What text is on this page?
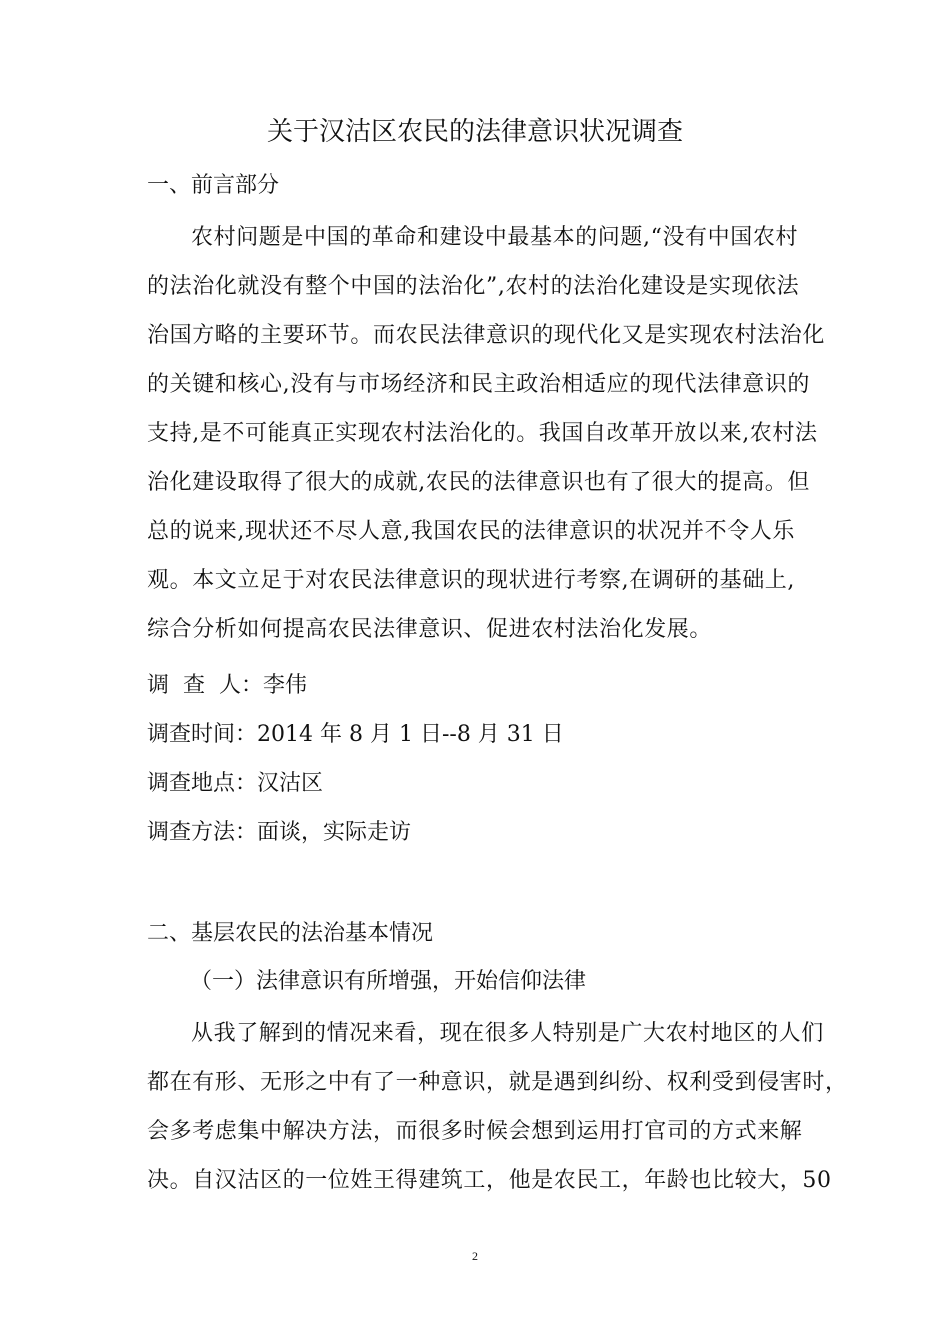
关于汉沽区农民的法律意识状况调查
一、前言部分
农村问题是中国的革命和建设中最基本的问题,“没有中国农村
的法治化就没有整个中国的法治化”,农村的法治化建设是实现依法
治国方略的主要环节。而农民法律意识的现代化又是实现农村法治化
的关键和核心,没有与市场经济和民主政治相适应的现代法律意识的
支持,是不可能真正实现农村法治化的。我国自改革开放以来,农村法
治化建设取得了很大的成就,农民的法律意识也有了很大的提高。但
总的说来,现状还不尽人意,我国农民的法律意识的状况并不令人乐
观。本文立足于对农民法律意识的现状进行考察,在调研的基础上,
综合分析如何提高农民法律意识、促进农村法治化发展。
调  查  人：李伟
调查时间：2014 年 8 月 1 日--8 月 31 日
调查地点：汉沽区
调查方法：面谈，实际走访
二、基层农民的法治基本情况
（一）法律意识有所增强，开始信仰法律
从我了解到的情况来看，现在很多人特别是广大农村地区的人们
都在有形、无形之中有了一种意识，就是遇到纠纷、权利受到侵害时，
会多考虑集中解决方法，而很多时候会想到运用打官司的方式来解
决。自汉沽区的一位姓王得建筑工，他是农民工，年龄也比较大，50
2
